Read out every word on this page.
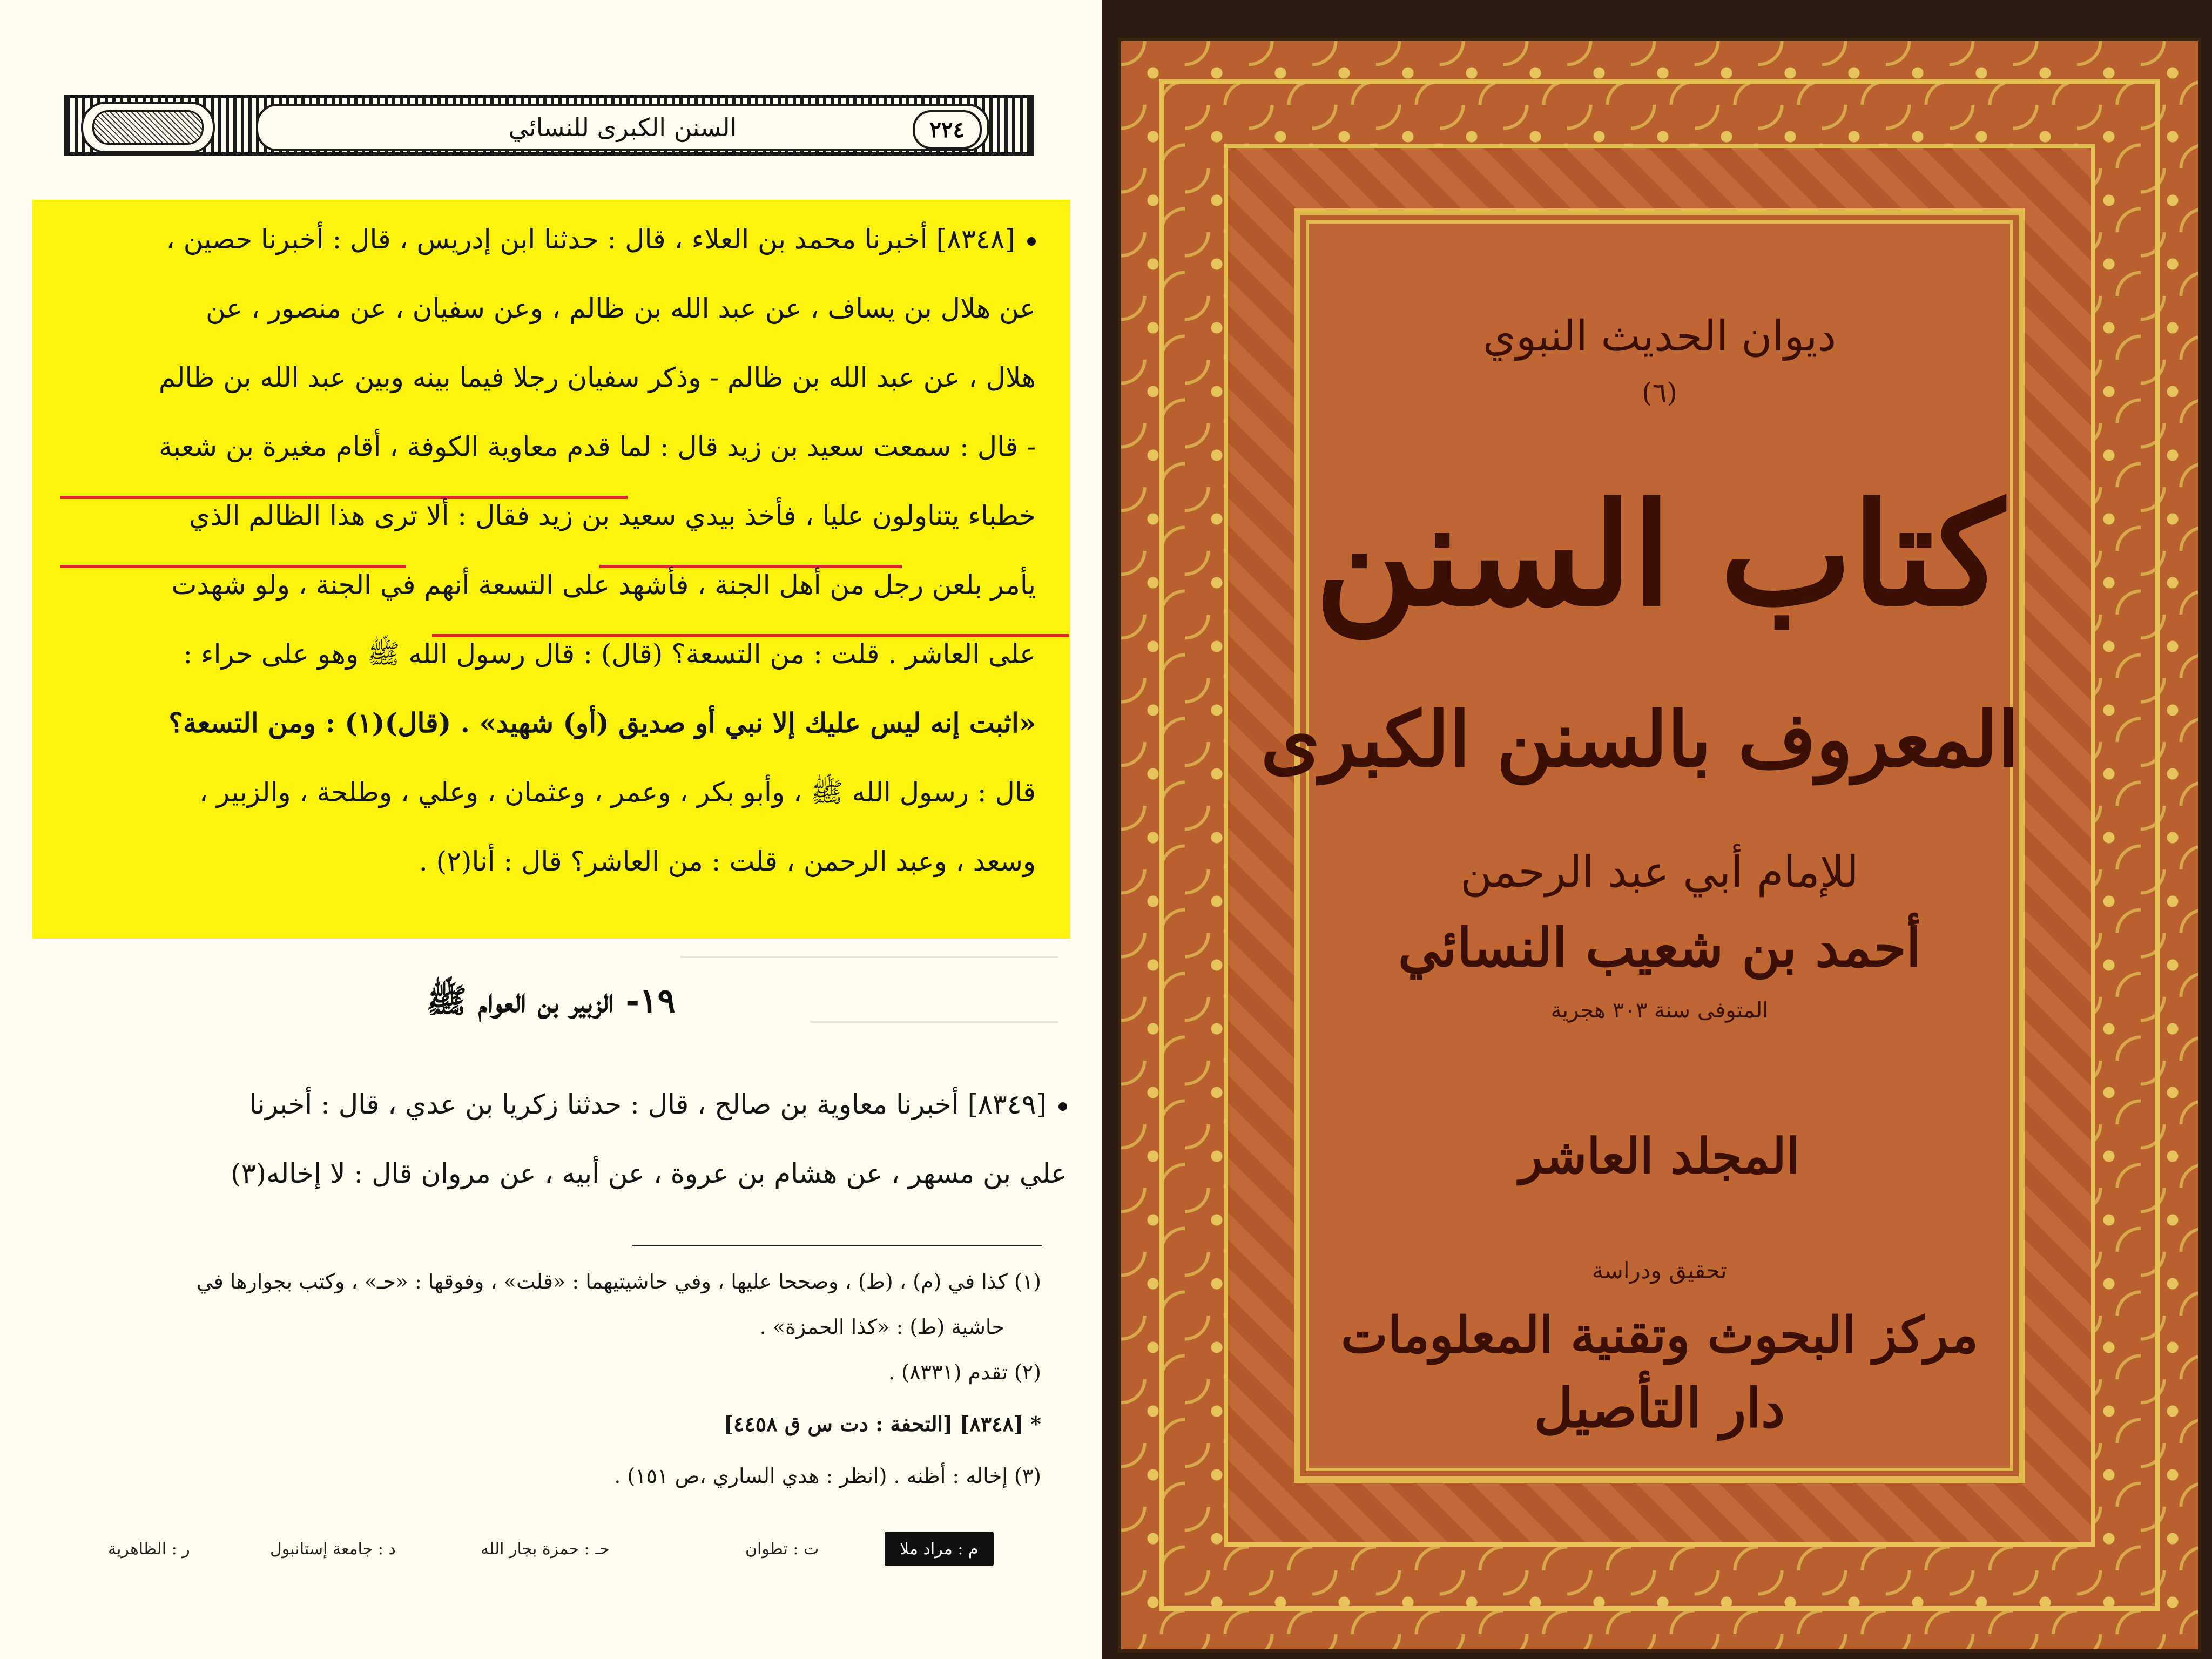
السنن الكبرى للنسائي	٢٢٤
[٨٣٤٨] أخبرنا محمد بن العلاء ، قال : حدثنا ابن إدريس ، قال : أخبرنا حصين ،
عن هلال بن يساف ، عن عبد الله بن ظالم ، وعن سفيان ، عن منصور ، عن
هلال ، عن عبد الله بن ظالم - وذكر سفيان رجلا فيما بينه وبين عبد الله بن ظالم
- قال : سمعت سعيد بن زيد قال : لما قدم معاوية الكوفة ، أقام مغيرة بن شعبة
خطباء يتناولون عليا ، فأخذ بيدي سعيد بن زيد فقال : ألا ترى هذا الظالم الذي
يأمر بلعن رجل من أهل الجنة ، فأشهد على التسعة أنهم في الجنة ، ولو شهدت
على العاشر . قلت : من التسعة؟ (قال) : قال رسول الله ﷺ وهو على حراء :
«اثبت إنه ليس عليك إلا نبي أو صديق (أو) شهيد» . (قال)(١) : ومن التسعة؟
قال : رسول الله ﷺ ، وأبو بكر ، وعمر ، وعثمان ، وعلي ، وطلحة ، والزبير ،
وسعد ، وعبد الرحمن ، قلت : من العاشر؟ قال : أنا(٢) .
١٩- الزبير بن العوام ﷺ
[٨٣٤٩] أخبرنا معاوية بن صالح ، قال : حدثنا زكريا بن عدي ، قال : أخبرنا
علي بن مسهر ، عن هشام بن عروة ، عن أبيه ، عن مروان قال : لا إخاله(٣)
(١) كذا في (م) ، (ط) ، وصححا عليها ، وفي حاشيتيهما : «قلت» ، وفوقها : «حـ» ، وكتب بجوارها في
حاشية (ط) : «كذا الحمزة» .
(٢) تقدم (٨٣٣١) .
* [٨٣٤٨] [التحفة : دت س ق ٤٤٥٨]
(٣) إخاله : أظنه . (انظر : هدي الساري ،ص ١٥١) .
م : مراد ملا
ت : تطوان
حـ : حمزة بجار الله
د : جامعة إستانبول
ر : الظاهرية
ديوان الحديث النبوي
(٦)
كتاب السنن
المعروف بالسنن الكبرى
للإمام أبي عبد الرحمن
أحمد بن شعيب النسائي
المتوفى سنة ٣٠٣ هجرية
المجلد العاشر
تحقيق ودراسة
مركز البحوث وتقنية المعلومات
دار التأصيل
